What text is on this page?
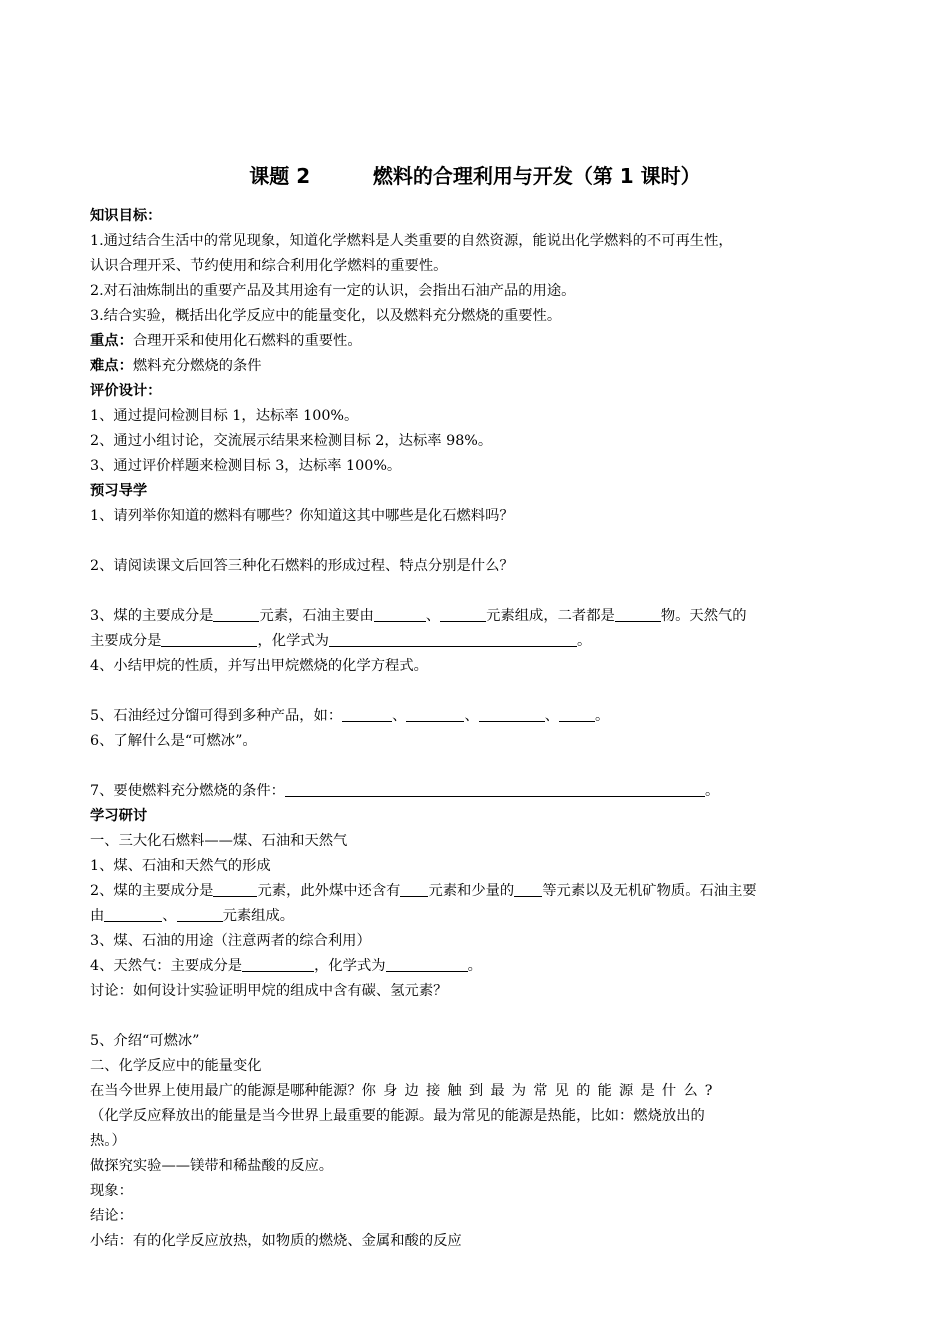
课题 2         燃料的合理利用与开发（第 1 课时）
知识目标：
1.通过结合生活中的常见现象，知道化学燃料是人类重要的自然资源，能说出化学燃料的不可再生性，
认识合理开采、节约使用和综合利用化学燃料的重要性。
2.对石油炼制出的重要产品及其用途有一定的认识，会指出石油产品的用途。
3.结合实验，概括出化学反应中的能量变化，以及燃料充分燃烧的重要性。
重点：合理开采和使用化石燃料的重要性。
难点：燃料充分燃烧的条件
评价设计：
1、通过提问检测目标 1，达标率 100%。
2、通过小组讨论，交流展示结果来检测目标 2，达标率 98%。
3、通过评价样题来检测目标 3，达标率 100%。
预习导学
1、请列举你知道的燃料有哪些？你知道这其中哪些是化石燃料吗？
2、请阅读课文后回答三种化石燃料的形成过程、特点分别是什么？
3、煤的主要成分是	元素，石油主要由	、	元素组成，二者都是	物。天然气的
主要成分是	，化学式为	。
4、小结甲烷的性质，并写出甲烷燃烧的化学方程式。
5、石油经过分馏可得到多种产品，如：	、	、	、	。
6、了解什么是“可燃冰”。
7、要使燃料充分燃烧的条件：	。
学习研讨
一、三大化石燃料——煤、石油和天然气
1、煤、石油和天然气的形成
2、煤的主要成分是	元素，此外煤中还含有 元素和少量的 等元素以及无机矿物质。石油主要
由	、	元素组成。
3、煤、石油的用途（注意两者的综合利用）
4、天然气：主要成分是	，化学式为	。
讨论：如何设计实验证明甲烷的组成中含有碳、氢元素？
5、介绍“可燃冰”
二、化学反应中的能量变化
在当今世界上使用最广的能源是哪种能源？你身边接触到最为常见的能源是什么?
（化学反应释放出的能量是当今世界上最重要的能源。最为常见的能源是热能，比如：燃烧放出的
热。）
做探究实验——镁带和稀盐酸的反应。
现象：
结论：
小结：有的化学反应放热，如物质的燃烧、金属和酸的反应
